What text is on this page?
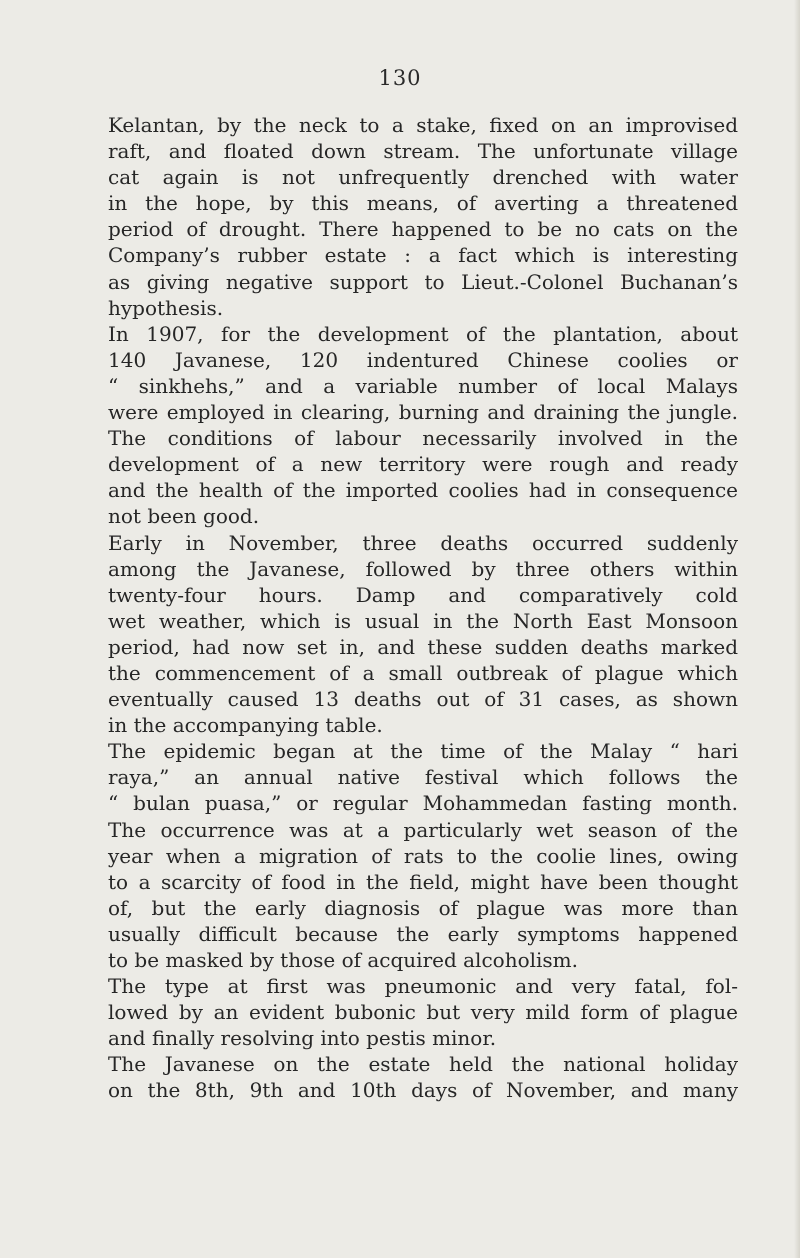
130
Kelantan, by the neck to a stake, fixed on an improvised
raft, and floated down stream. The unfortunate village
cat again is not unfrequently drenched with water
in the hope, by this means, of averting a threatened
period of drought. There happened to be no cats on the
Company’s rubber estate : a fact which is interesting
as giving negative support to Lieut.-Colonel Buchanan’s
hypothesis.
In 1907, for the development of the plantation, about
140 Javanese, 120 indentured Chinese coolies or
“ sinkhehs,” and a variable number of local Malays
were employed in clearing, burning and draining the jungle.
The conditions of labour necessarily involved in the
development of a new territory were rough and ready
and the health of the imported coolies had in consequence
not been good.
Early in November, three deaths occurred suddenly
among the Javanese, followed by three others within
twenty-four hours. Damp and comparatively cold
wet weather, which is usual in the North East Monsoon
period, had now set in, and these sudden deaths marked
the commencement of a small outbreak of plague which
eventually caused 13 deaths out of 31 cases, as shown
in the accompanying table.
The epidemic began at the time of the Malay “ hari
raya,” an annual native festival which follows the
“ bulan puasa,” or regular Mohammedan fasting month.
The occurrence was at a particularly wet season of the
year when a migration of rats to the coolie lines, owing
to a scarcity of food in the field, might have been thought
of, but the early diagnosis of plague was more than
usually difficult because the early symptoms happened
to be masked by those of acquired alcoholism.
The type at first was pneumonic and very fatal, fol-
lowed by an evident bubonic but very mild form of plague
and finally resolving into pestis minor.
The Javanese on the estate held the national holiday
on the 8th, 9th and 10th days of November, and many
